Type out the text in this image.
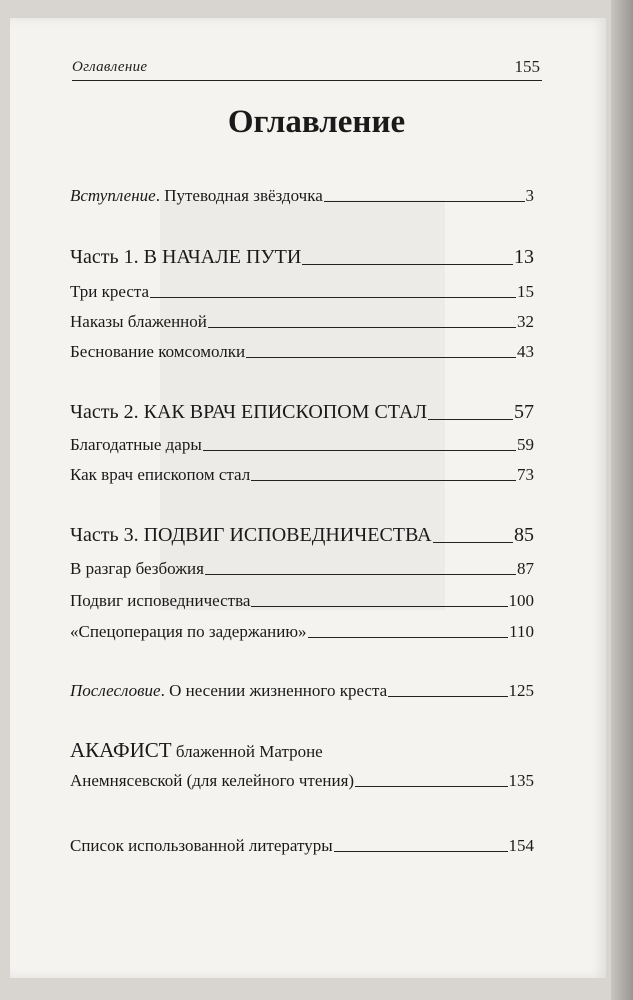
Оглавление	155
Оглавление
Вступление. Путеводная звёздочка	3
Часть 1. В НАЧАЛЕ ПУТИ	13
Три креста	15
Наказы блаженной	32
Беснование комсомолки	43
Часть 2. КАК ВРАЧ ЕПИСКОПОМ СТАЛ	57
Благодатные дары	59
Как врач епископом стал	73
Часть 3. ПОДВИГ ИСПОВЕДНИЧЕСТВА	85
В разгар безбожия	87
Подвиг исповедничества	100
«Спецоперация по задержанию»	110
Послесловие. О несении жизненного креста	125
АКАФИСТ блаженной Матроне
Анемнясевской (для келейного чтения)	135
Список использованной литературы	154
